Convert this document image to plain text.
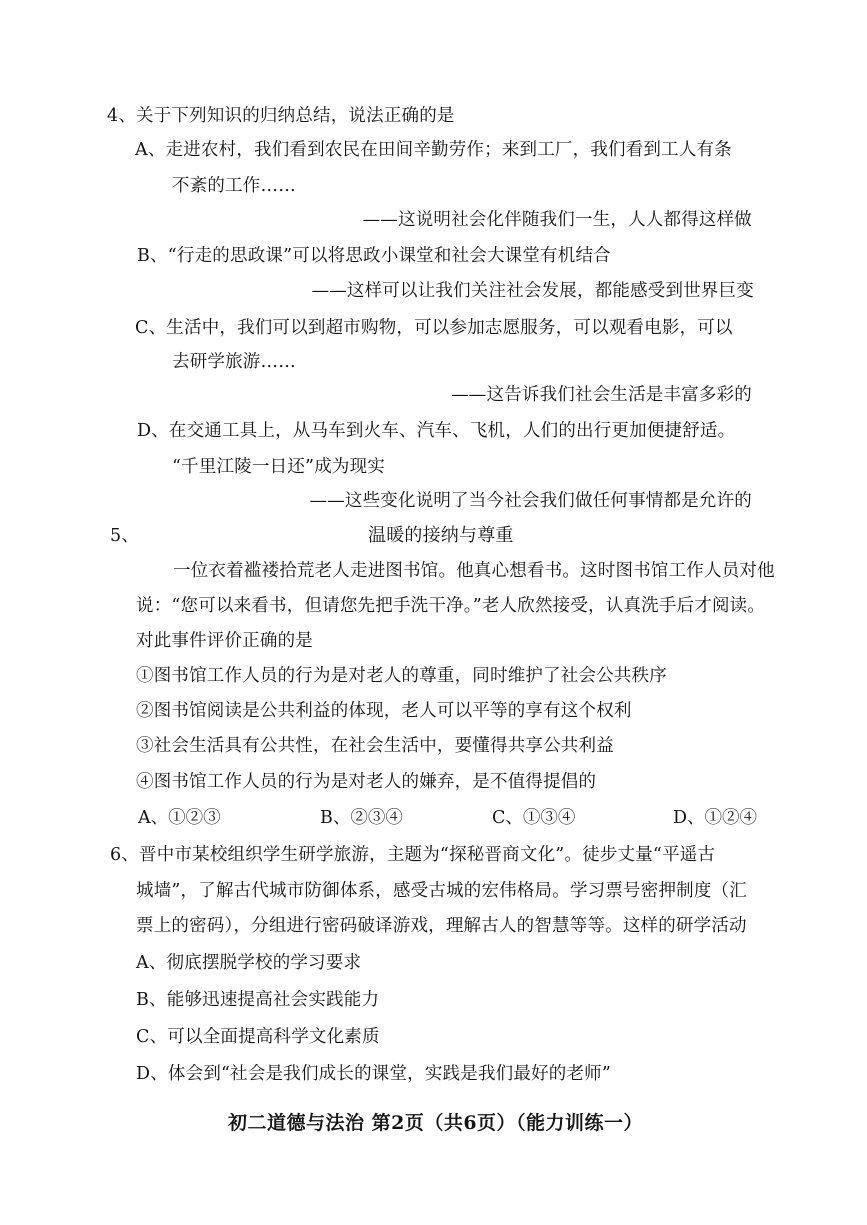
4、关于下列知识的归纳总结，说法正确的是
A、走进农村，我们看到农民在田间辛勤劳作；来到工厂，我们看到工人有条
不紊的工作……
——这说明社会化伴随我们一生，人人都得这样做
B、“行走的思政课”可以将思政小课堂和社会大课堂有机结合
——这样可以让我们关注社会发展，都能感受到世界巨变
C、生活中，我们可以到超市购物，可以参加志愿服务，可以观看电影，可以
去研学旅游……
——这告诉我们社会生活是丰富多彩的
D、在交通工具上，从马车到火车、汽车、飞机，人们的出行更加便捷舒适。
“千里江陵一日还”成为现实
——这些变化说明了当今社会我们做任何事情都是允许的
5、	温暖的接纳与尊重
一位衣着褴褛拾荒老人走进图书馆。他真心想看书。这时图书馆工作人员对他
说：“您可以来看书，但请您先把手洗干净。”老人欣然接受，认真洗手后才阅读。
对此事件评价正确的是
①图书馆工作人员的行为是对老人的尊重，同时维护了社会公共秩序
②图书馆阅读是公共利益的体现，老人可以平等的享有这个权利
③社会生活具有公共性，在社会生活中，要懂得共享公共利益
④图书馆工作人员的行为是对老人的嫌弃，是不值得提倡的
A、①②③	B、②③④	C、①③④	D、①②④
6、晋中市某校组织学生研学旅游，主题为“探秘晋商文化”。徒步丈量“平遥古
城墙”，了解古代城市防御体系，感受古城的宏伟格局。学习票号密押制度（汇
票上的密码），分组进行密码破译游戏，理解古人的智慧等等。这样的研学活动
A、彻底摆脱学校的学习要求
B、能够迅速提高社会实践能力
C、可以全面提高科学文化素质
D、体会到“社会是我们成长的课堂，实践是我们最好的老师”
初二道德与法治 第2页（共6页）（能力训练一）
